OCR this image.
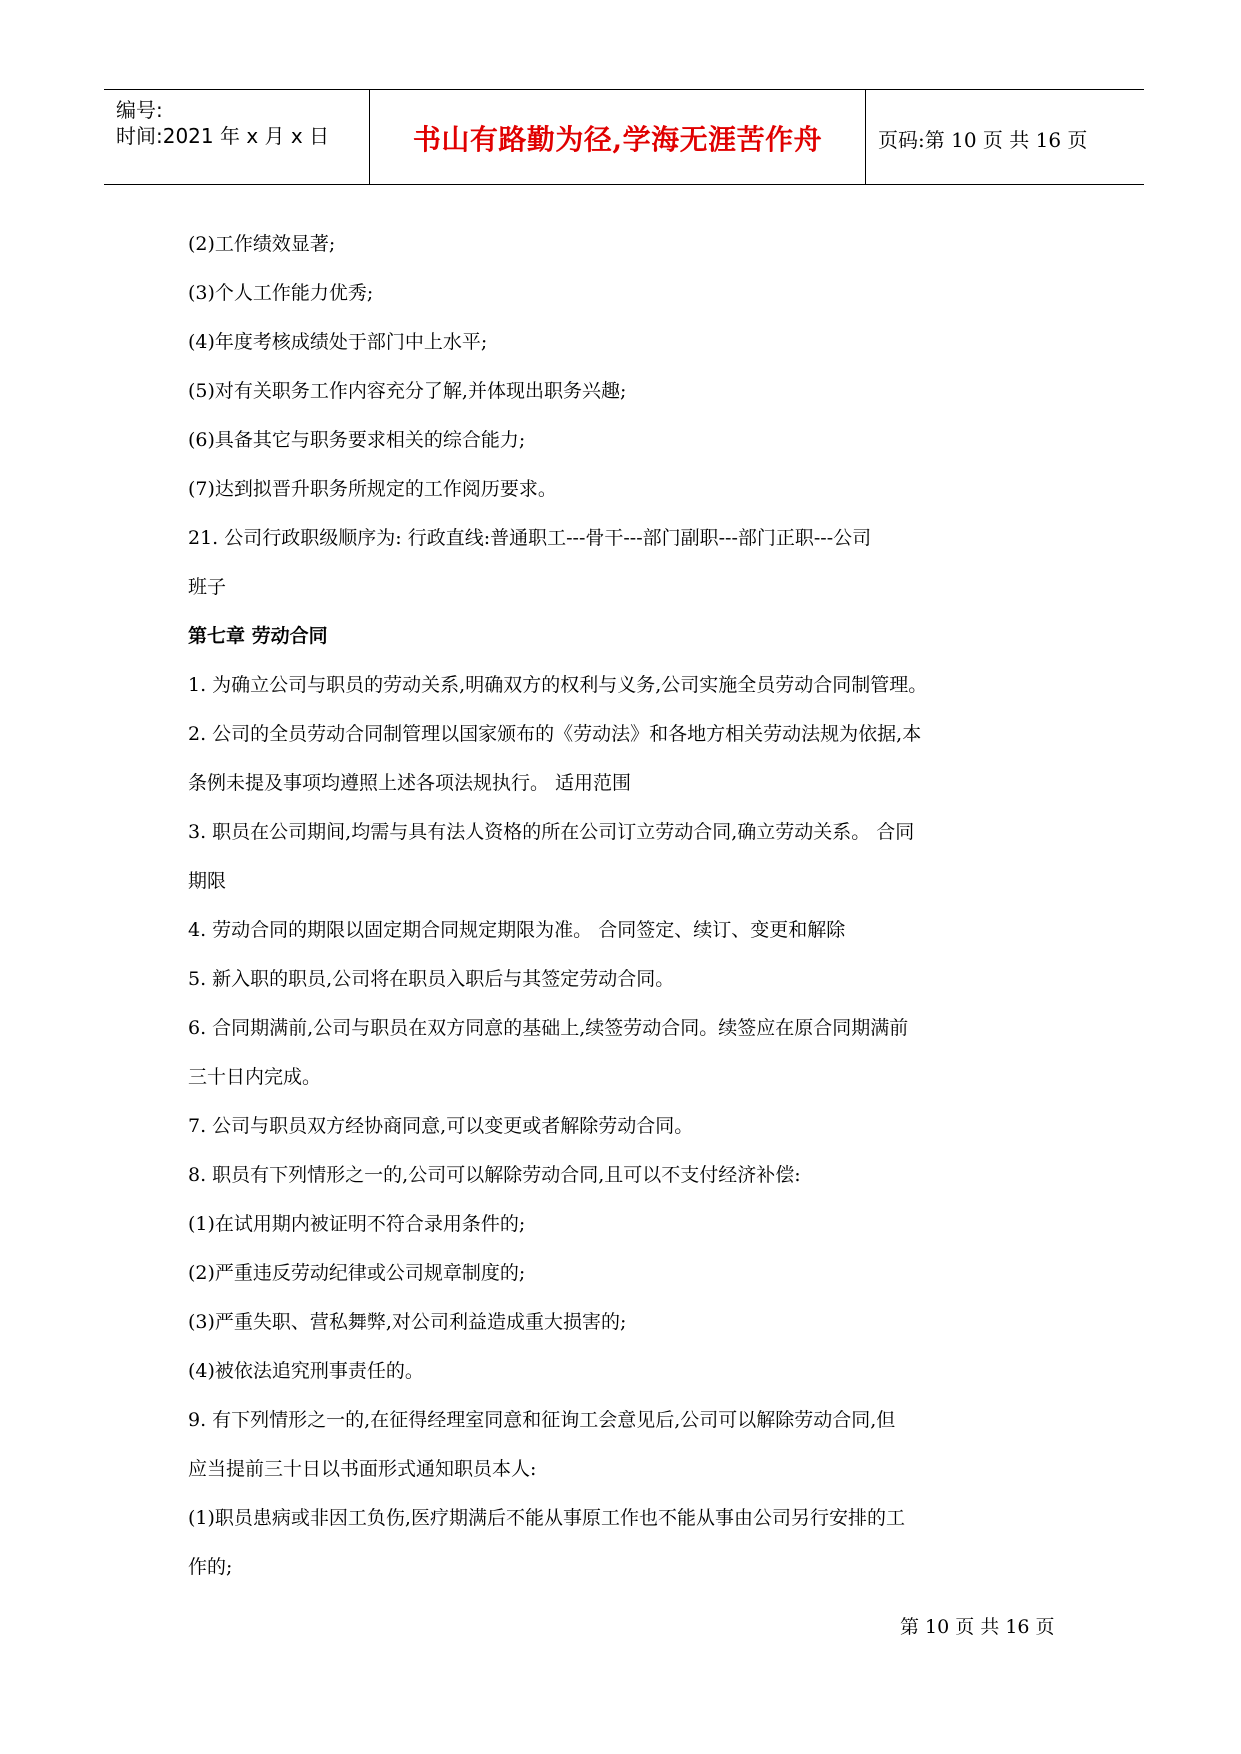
编号:
时间:2021 年 x 月 x 日	书山有路勤为径,学海无涯苦作舟	页码:第 10 页 共 16 页
(2)工作绩效显著;
(3)个人工作能力优秀;
(4)年度考核成绩处于部门中上水平;
(5)对有关职务工作内容充分了解,并体现出职务兴趣;
(6)具备其它与职务要求相关的综合能力;
(7)达到拟晋升职务所规定的工作阅历要求。
21. 公司行政职级顺序为: 行政直线:普通职工---骨干---部门副职---部门正职---公司
班子
第七章 劳动合同
1. 为确立公司与职员的劳动关系,明确双方的权利与义务,公司实施全员劳动合同制管理。
2. 公司的全员劳动合同制管理以国家颁布的《劳动法》和各地方相关劳动法规为依据,本
条例未提及事项均遵照上述各项法规执行。 适用范围
3. 职员在公司期间,均需与具有法人资格的所在公司订立劳动合同,确立劳动关系。 合同
期限
4. 劳动合同的期限以固定期合同规定期限为准。 合同签定、续订、变更和解除
5. 新入职的职员,公司将在职员入职后与其签定劳动合同。
6. 合同期满前,公司与职员在双方同意的基础上,续签劳动合同。续签应在原合同期满前
三十日内完成。
7. 公司与职员双方经协商同意,可以变更或者解除劳动合同。
8. 职员有下列情形之一的,公司可以解除劳动合同,且可以不支付经济补偿:
(1)在试用期内被证明不符合录用条件的;
(2)严重违反劳动纪律或公司规章制度的;
(3)严重失职、营私舞弊,对公司利益造成重大损害的;
(4)被依法追究刑事责任的。
9. 有下列情形之一的,在征得经理室同意和征询工会意见后,公司可以解除劳动合同,但
应当提前三十日以书面形式通知职员本人:
(1)职员患病或非因工负伤,医疗期满后不能从事原工作也不能从事由公司另行安排的工
作的;
第 10 页 共 16 页
